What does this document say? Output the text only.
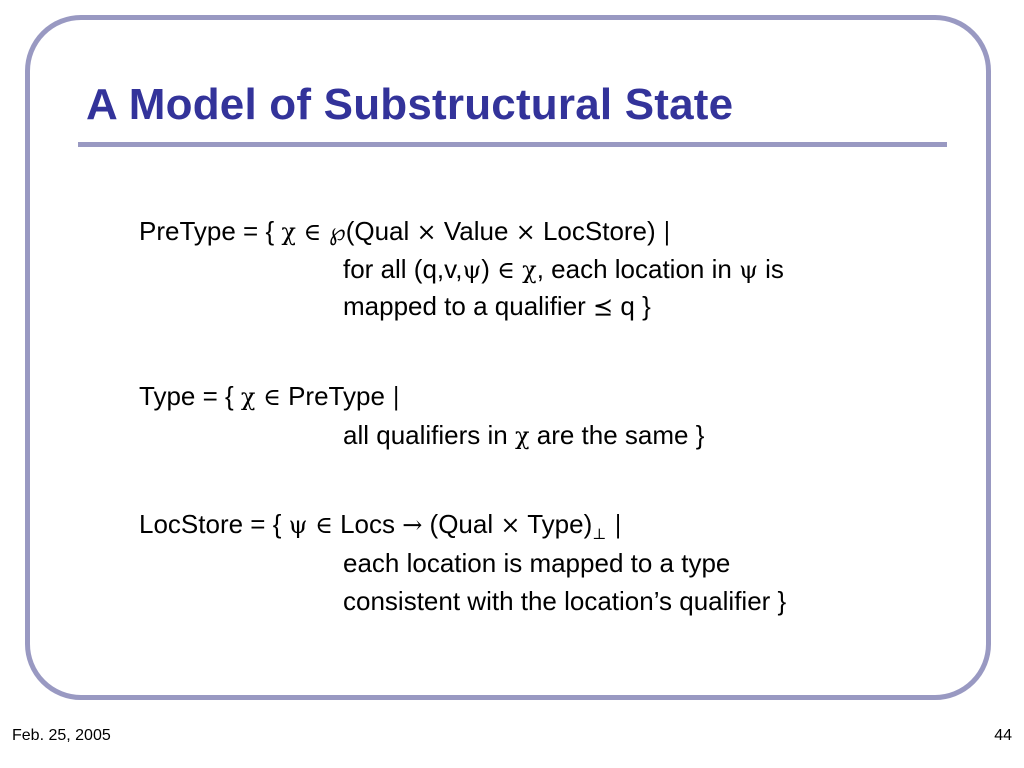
A Model of Substructural State
PreType = { χ ∈ ℘(Qual × Value × LocStore) |
for all (q,v,ψ) ∈ χ, each location in ψ is
mapped to a qualifier ⪯ q }
Type = { χ ∈ PreType |
all qualifiers in χ are the same }
LocStore = { ψ ∈ Locs → (Qual × $Type)_\perp$ |
each location is mapped to a type
consistent with the location’s qualifier }
Feb. 25, 2005	44
